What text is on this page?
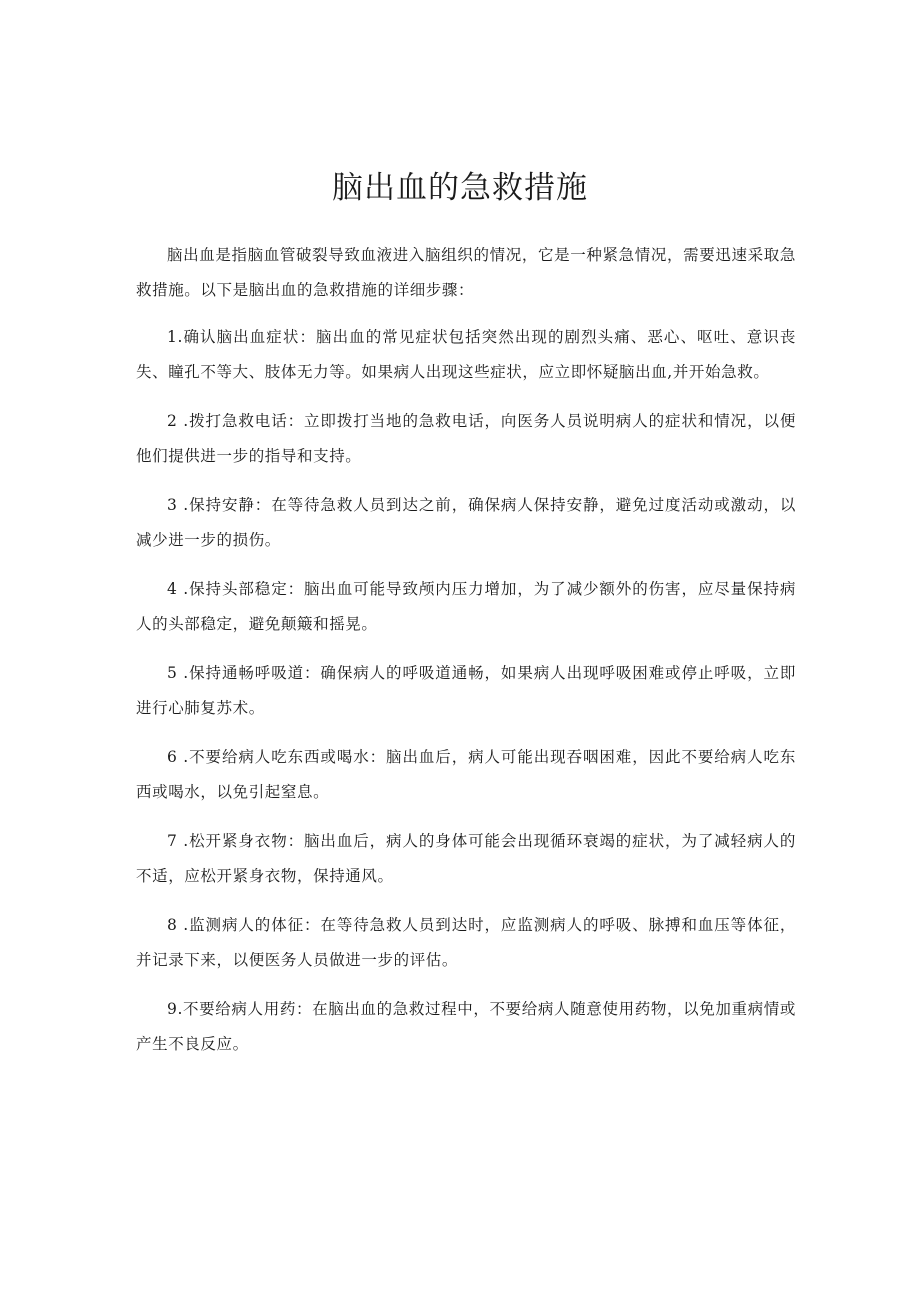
脑出血的急救措施

脑出血是指脑血管破裂导致血液进入脑组织的情况，它是一种紧急情况，需要迅速采取急救措施。以下是脑出血的急救措施的详细步骤：

1.确认脑出血症状：脑出血的常见症状包括突然出现的剧烈头痛、恶心、呕吐、意识丧失、瞳孔不等大、肢体无力等。如果病人出现这些症状，应立即怀疑脑出血,并开始急救。

2 .拨打急救电话：立即拨打当地的急救电话，向医务人员说明病人的症状和情况，以便他们提供进一步的指导和支持。

3 .保持安静：在等待急救人员到达之前，确保病人保持安静，避免过度活动或激动，以减少进一步的损伤。

4 .保持头部稳定：脑出血可能导致颅内压力增加，为了减少额外的伤害，应尽量保持病人的头部稳定，避免颠簸和摇晃。

5 .保持通畅呼吸道：确保病人的呼吸道通畅，如果病人出现呼吸困难或停止呼吸，立即进行心肺复苏术。

6 .不要给病人吃东西或喝水：脑出血后，病人可能出现吞咽困难，因此不要给病人吃东西或喝水，以免引起窒息。

7 .松开紧身衣物：脑出血后，病人的身体可能会出现循环衰竭的症状，为了减轻病人的不适，应松开紧身衣物，保持通风。

8 .监测病人的体征：在等待急救人员到达时，应监测病人的呼吸、脉搏和血压等体征，并记录下来，以便医务人员做进一步的评估。

9.不要给病人用药：在脑出血的急救过程中，不要给病人随意使用药物，以免加重病情或产生不良反应。
